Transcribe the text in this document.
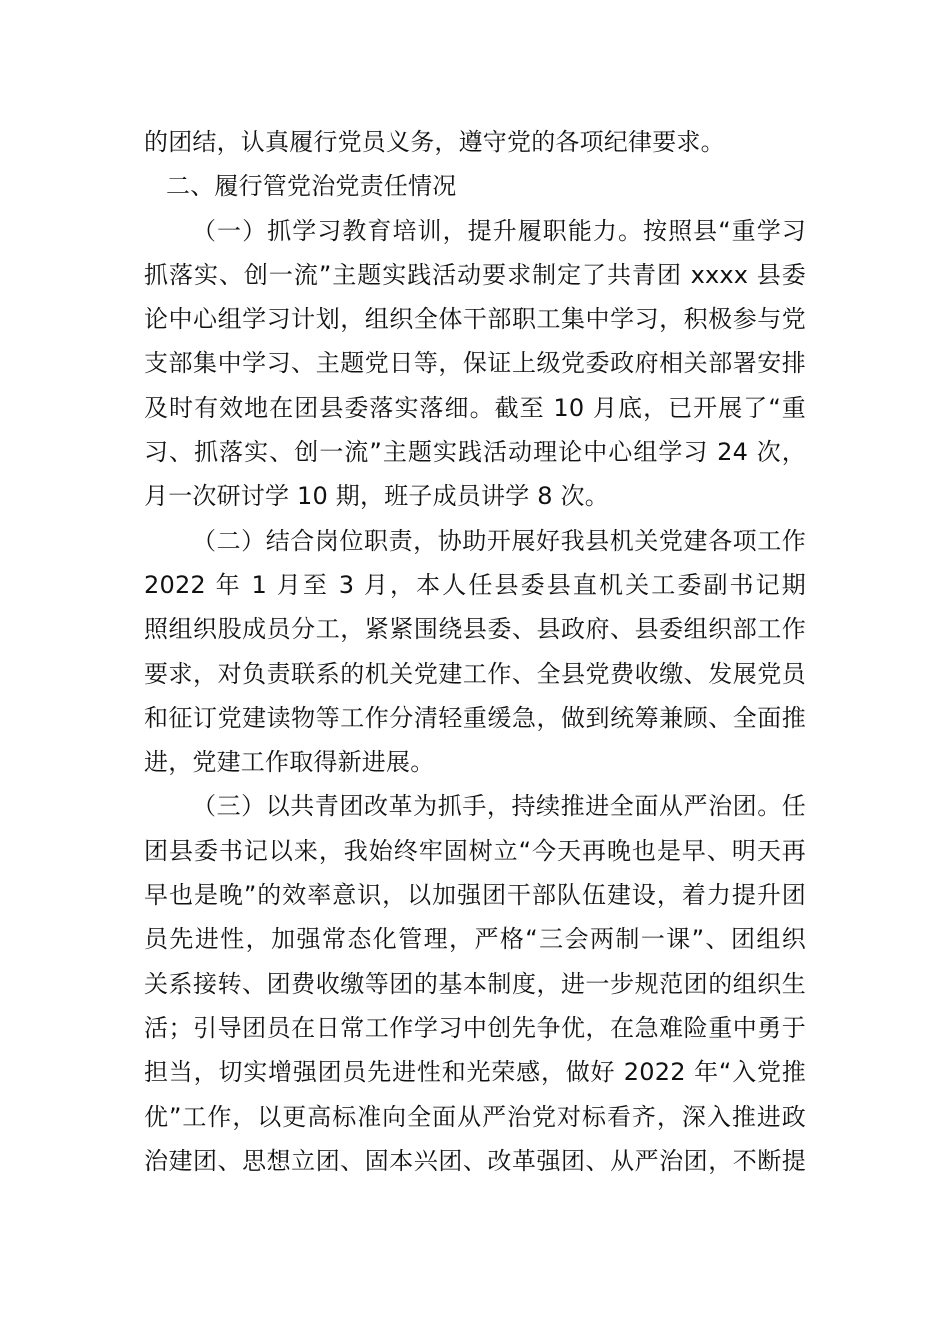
的团结，认真履行党员义务，遵守党的各项纪律要求。
二、履行管党治党责任情况
（一）抓学习教育培训，提升履职能力。按照县“重学习
抓落实、创一流”主题实践活动要求制定了共青团 xxxx 县委
论中心组学习计划，组织全体干部职工集中学习，积极参与党
支部集中学习、主题党日等，保证上级党委政府相关部署安排
及时有效地在团县委落实落细。截至 10 月底，已开展了“重
习、抓落实、创一流”主题实践活动理论中心组学习 24 次，
月一次研讨学 10 期，班子成员讲学 8 次。
（二）结合岗位职责，协助开展好我县机关党建各项工作
2022 年 1 月至 3 月，本人任县委县直机关工委副书记期
照组织股成员分工，紧紧围绕县委、县政府、县委组织部工作
要求，对负责联系的机关党建工作、全县党费收缴、发展党员
和征订党建读物等工作分清轻重缓急，做到统筹兼顾、全面推
进，党建工作取得新进展。
（三）以共青团改革为抓手，持续推进全面从严治团。任
团县委书记以来，我始终牢固树立“今天再晚也是早、明天再
早也是晚”的效率意识，以加强团干部队伍建设，着力提升团
员先进性，加强常态化管理，严格“三会两制一课”、团组织
关系接转、团费收缴等团的基本制度，进一步规范团的组织生
活；引导团员在日常工作学习中创先争优，在急难险重中勇于
担当，切实增强团员先进性和光荣感，做好 2022 年“入党推
优”工作，以更高标准向全面从严治党对标看齐，深入推进政
治建团、思想立团、固本兴团、改革强团、从严治团，不断提
